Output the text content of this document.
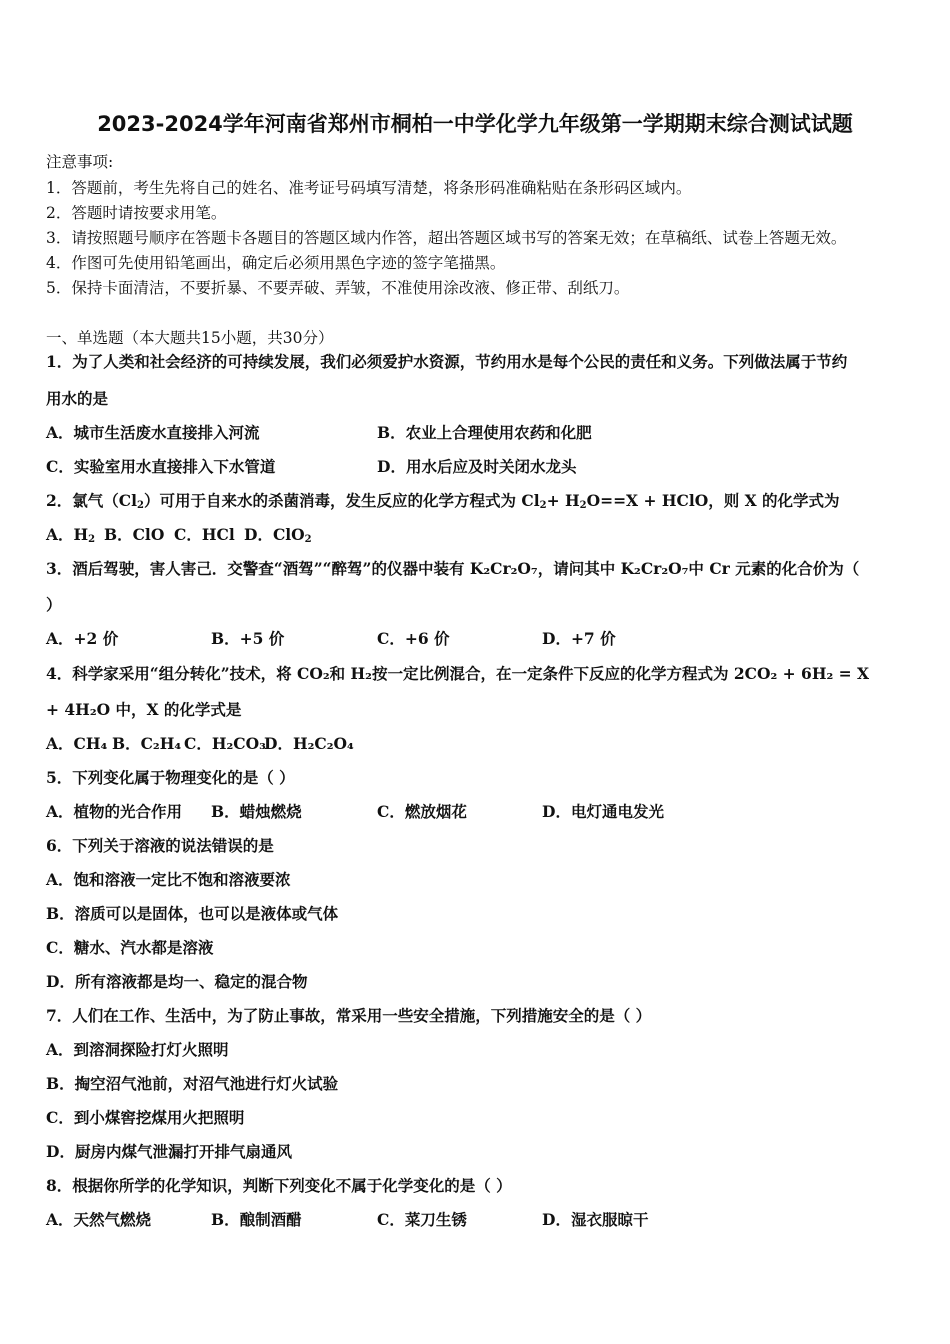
2023-2024学年河南省郑州市桐柏一中学化学九年级第一学期期末综合测试试题
注意事项:
1．答题前，考生先将自己的姓名、准考证号码填写清楚，将条形码准确粘贴在条形码区域内。
2．答题时请按要求用笔。
3．请按照题号顺序在答题卡各题目的答题区域内作答，超出答题区域书写的答案无效；在草稿纸、试卷上答题无效。
4．作图可先使用铅笔画出，确定后必须用黑色字迹的签字笔描黑。
5．保持卡面清洁，不要折暴、不要弄破、弄皱，不准使用涂改液、修正带、刮纸刀。
一、单选题（本大题共15小题，共30分）
1．为了人类和社会经济的可持续发展，我们必须爱护水资源，节约用水是每个公民的责任和义务。下列做法属于节约
用水的是
A．城市生活废水直接排入河流	B．农业上合理使用农药和化肥
C．实验室用水直接排入下水管道	D．用水后应及时关闭水龙头
2．氯气$(Cl_2)$可用于自来水的杀菌消毒，发生反应的化学方程式为 $Cl_2+ H_2O==X$ + HClO，则 X 的化学式为
A．$H_2$ B．ClO C．HCl D．ClO$_2$
3．酒后驾驶，害人害己．交警查“酒驾”“醉驾”的仪器中装有 K₂Cr₂O₇，请问其中 K₂Cr₂O₇中 Cr 元素的化合价为（
）
A．+2 价	B．+5 价	C．+6 价	D．+7 价
4．科学家采用“组分转化”技术，将 CO₂和 H₂按一定比例混合，在一定条件下反应的化学方程式为 2CO₂ + 6H₂ = X
+ 4H₂O 中，X 的化学式是
A．CH₄ B．C₂H₄ C．H₂CO₃
D．H₂C₂O₄
5．下列变化属于物理变化的是（ ）
A．植物的光合作用 B．蜡烛燃烧	C．燃放烟花	D．电灯通电发光
6．下列关于溶液的说法错误的是
A．饱和溶液一定比不饱和溶液要浓
B．溶质可以是固体，也可以是液体或气体
C．糖水、汽水都是溶液
D．所有溶液都是均一、稳定的混合物
7．人们在工作、生活中，为了防止事故，常采用一些安全措施，下列措施安全的是（ ）
A．到溶洞探险打灯火照明
B．掏空沼气池前，对沼气池进行灯火试验
C．到小煤窖挖煤用火把照明
D．厨房内煤气泄漏打开排气扇通风
8．根据你所学的化学知识，判断下列变化不属于化学变化的是（ ）
A．天然气燃烧	B．酿制酒醋	C．菜刀生锈	D．湿衣服晾干
